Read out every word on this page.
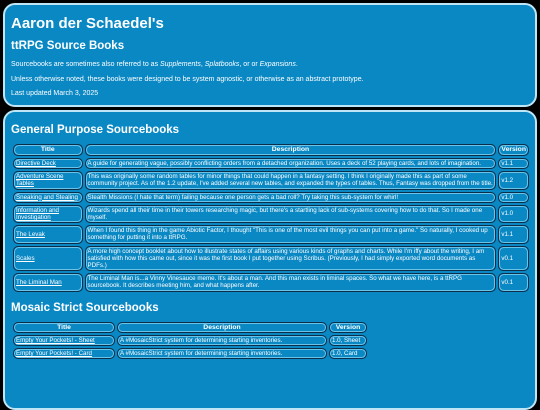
Aaron der Schaedel's
ttRPG Source Books
Sourcebooks are sometimes also referred to as Supplements, Splatbooks, or or Expansions.
Unless otherwise noted, these books were designed to be system agnostic, or otherwise as an abstract prototype.
Last updated March 3, 2025
General Purpose Sourcebooks
Title	Description	Version
Directive Deck	A guide for generating vague, possibly conflicting orders from a detached organization. Uses a deck of 52 playing cards, and lots of imagination.	v1.1
Adventure Scene Tables	This was originally some random tables for minor things that could happen in a fantasy setting. I think I originally made this as part of some community project. As of the 1.2 update, I've added several new tables, and expanded the types of tables. Thus, Fantasy was dropped from the title.	v1.2
Sneaking and Stealing	Stealth Missions (I hate that term) failing because one person gets a bad roll? Try taking this sub-system for whirl!	v1.0
Information and Investigation	Wizards spend all their time in their towers researching magic, but there's a startling lack of sub-systems covering how to do that. So I made one myself.	v1.0
The Levak	When I found this thing in the game Abiotic Factor, I thought "This is one of the most evil things you can put into a game." So naturally, I cooked up something for putting it into a ttRPG.	v1.1
Scales	A more high concept booklet about how to illustrate states of affairs using various kinds of graphs and charts. While I'm iffy about the writing, I am satisfied with how this came out, since it was the first book I put together using Scribus. (Previously, I had simply exported word documents as PDFs.)	v0.1
The Liminal Man	The Liminal Man is...a Vinny Vinesauce meme. It's about a man. And this man exists in liminal spaces. So what we have here, is a ttRPG sourcebook. It describes meeting him, and what happens after.	v0.1
Mosaic Strict Sourcebooks
Title	Description	Version
Empty Your Pockets! - Sheet	A #MosaicStrict system for determining starting inventories.	1.0, Sheet
Empty Your Pockets! - Card	A #MosaicStrict system for determining starting inventories.	1.0, Card
